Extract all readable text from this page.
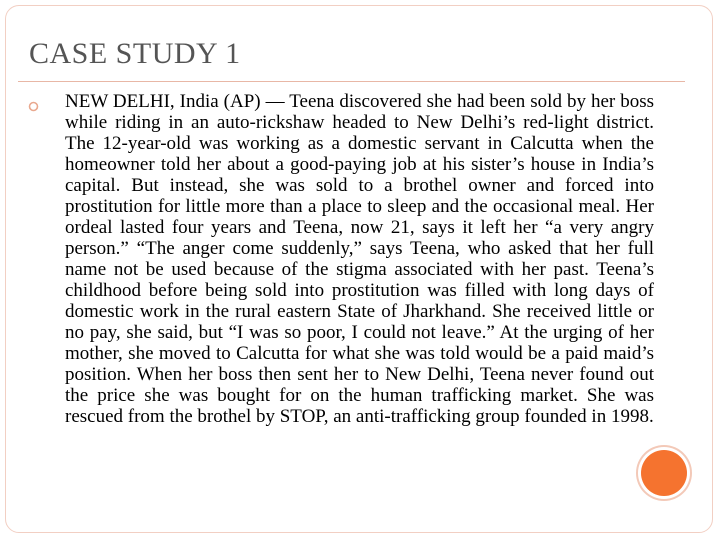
CASE STUDY 1

NEW DELHI, India (AP) — Teena discovered she had been sold by her boss while riding in an auto-rickshaw headed to New Delhi’s red-light district. The 12-year-old was working as a domestic servant in Calcutta when the homeowner told her about a good-paying job at his sister’s house in India’s capital. But instead, she was sold to a brothel owner and forced into prostitution for little more than a place to sleep and the occasional meal. Her ordeal lasted four years and Teena, now 21, says it left her “a very angry person.” “The anger come suddenly,” says Teena, who asked that her full name not be used because of the stigma associated with her past. Teena’s childhood before being sold into prostitution was filled with long days of domestic work in the rural eastern State of Jharkhand. She received little or no pay, she said, but “I was so poor, I could not leave.” At the urging of her mother, she moved to Calcutta for what she was told would be a paid maid’s position. When her boss then sent her to New Delhi, Teena never found out the price she was bought for on the human trafficking market. She was rescued from the brothel by STOP, an anti-trafficking group founded in 1998.
